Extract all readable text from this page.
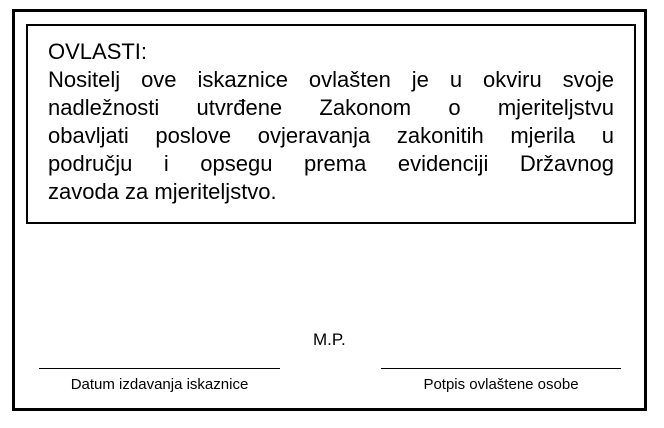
OVLASTI:

Nositelj ove iskaznice ovlašten je u okviru svoje
nadležnosti utvrđene Zakonom o mjeriteljstvu
obavljati poslove ovjeravanja zakonitih mjerila u
području i opsegu prema evidenciji Državnog
zavoda za mjeriteljstvo.

M.P.
Datum izdavanja iskaznice	Potpis ovlaštene osobe
